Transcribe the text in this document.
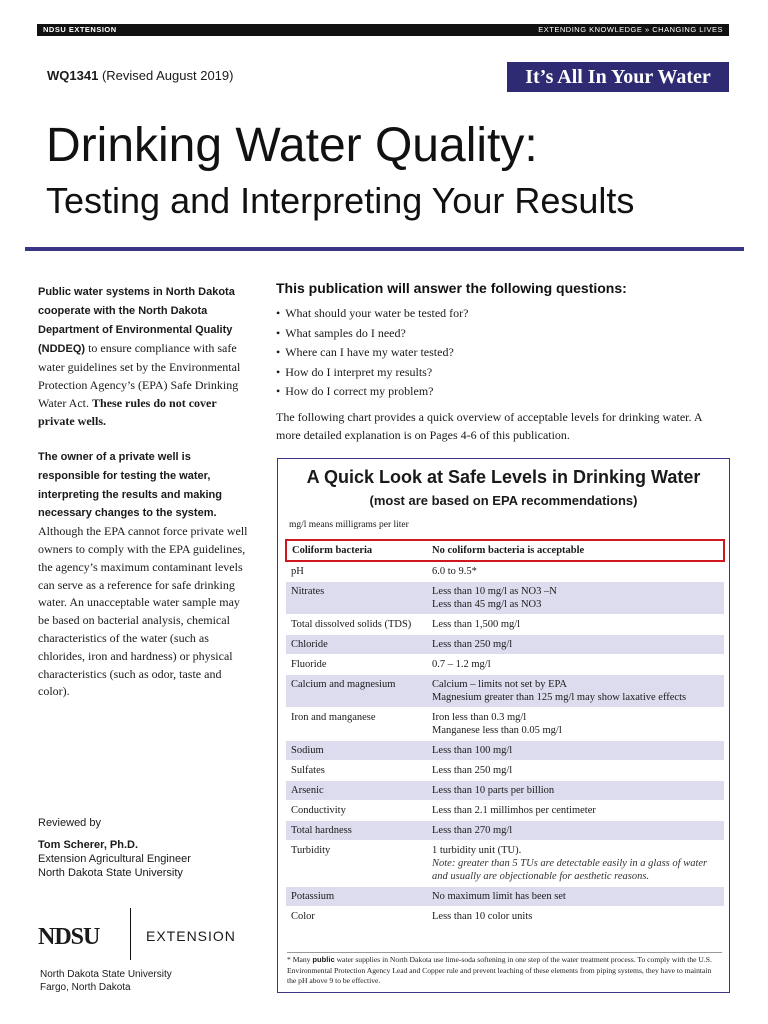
NDSU EXTENSION	EXTENDING KNOWLEDGE » CHANGING LIVES
WQ1341 (Revised August 2019)	It’s All In Your Water
Drinking Water Quality:
Testing and Interpreting Your Results
Public water systems in North Dakota cooperate with the North Dakota Department of Environmental Quality (NDDEQ) to ensure compliance with safe water guidelines set by the Environmental Protection Agency’s (EPA) Safe Drinking Water Act. These rules do not cover private wells.
The owner of a private well is responsible for testing the water, interpreting the results and making necessary changes to the system. Although the EPA cannot force private well owners to comply with the EPA guidelines, the agency’s maximum contaminant levels can serve as a reference for safe drinking water. An unacceptable water sample may be based on bacterial analysis, chemical characteristics of the water (such as chlorides, iron and hardness) or physical characteristics (such as odor, taste and color).
Reviewed by
Tom Scherer, Ph.D.
Extension Agricultural Engineer
North Dakota State University
NDSU	EXTENSION
North Dakota State University
Fargo, North Dakota
This publication will answer the following questions:
• What should your water be tested for?
• What samples do I need?
• Where can I have my water tested?
• How do I interpret my results?
• How do I correct my problem?
The following chart provides a quick overview of acceptable levels for drinking water. A more detailed explanation is on Pages 4-6 of this publication.
A Quick Look at Safe Levels in Drinking Water
(most are based on EPA recommendations)
mg/l means milligrams per liter
Coliform bacteria	No coliform bacteria is acceptable
pH	6.0 to 9.5*
Nitrates	Less than 10 mg/l as NO3 –N
Less than 45 mg/l as NO3

Total dissolved solids (TDS)	Less than 1,500 mg/l
Chloride	Less than 250 mg/l
Fluoride	0.7 – 1.2 mg/l
Calcium and magnesium	Calcium – limits not set by EPA
Magnesium greater than 125 mg/l may show laxative effects

Iron and manganese	Iron less than 0.3 mg/l
Manganese less than 0.05 mg/l

Sodium	Less than 100 mg/l
Sulfates	Less than 250 mg/l
Arsenic	Less than 10 parts per billion
Conductivity	Less than 2.1 millimhos per centimeter
Total hardness	Less than 270 mg/l
Turbidity	1 turbidity unit (TU).
Note: greater than 5 TUs are detectable easily in a glass of water and usually are objectionable for aesthetic reasons.

Potassium	No maximum limit has been set
Color	Less than 10 color units
* Many public water supplies in North Dakota use lime-soda softening in one step of the water treatment process. To comply with the U.S. Environmental Protection Agency Lead and Copper rule and prevent leaching of these elements from piping systems, they have to maintain the pH above 9 to be effective.
